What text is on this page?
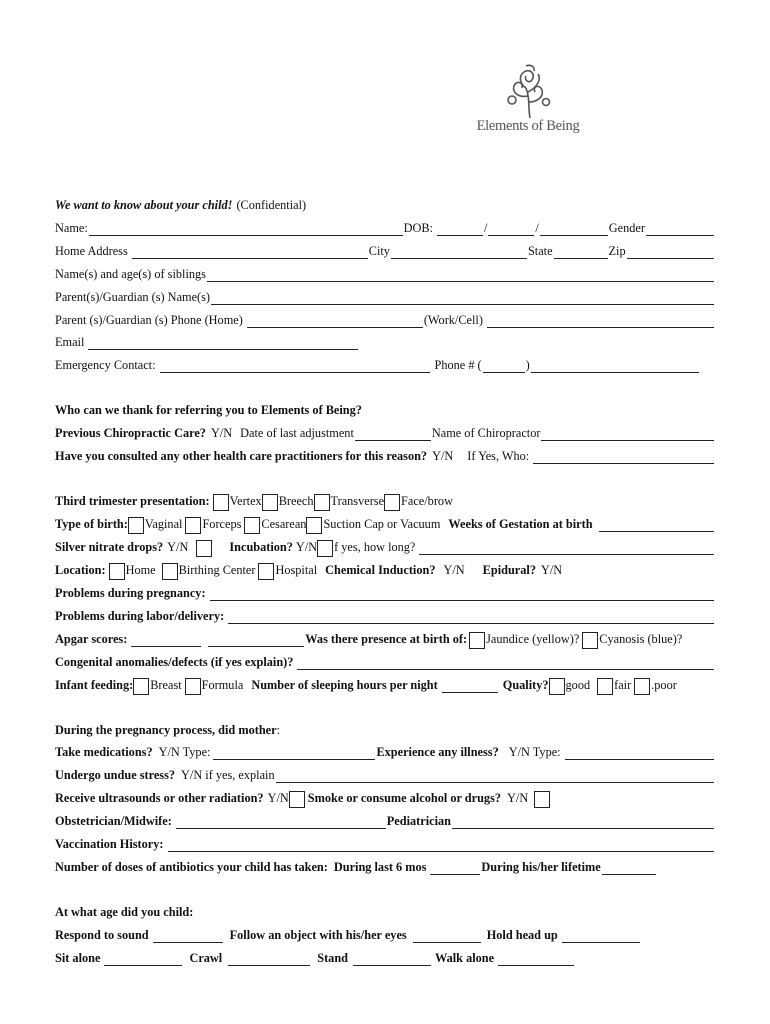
Elements of Being
We want to know about your child! (Confidential)
Name:	DOB:	/	/	Gender
Home Address	City	State	Zip
Name(s) and age(s) of siblings
Parent(s)/Guardian (s) Name(s)
Parent (s)/Guardian (s) Phone (Home)	(Work/Cell)
Email
Emergency Contact:	Phone # (	)
Who can we thank for referring you to Elements of Being?
Previous Chiropractic Care? Y/N Date of last adjustment	Name of Chiropractor
Have you consulted any other health care practitioners for this reason? Y/N If Yes, Who:
Third trimester presentation: Vertex Breech Transverse Face/brow
Type of birth: Vaginal Forceps Cesarean Suction Cap or Vacuum Weeks of Gestation at birth
Silver nitrate drops? Y/N	Incubation? Y/N f yes, how long?
Location: Home Birthing Center Hospital Chemical Induction? Y/N Epidural? Y/N
Problems during pregnancy:
Problems during labor/delivery:
Apgar scores:	Was there presence at birth of: Jaundice (yellow)? Cyanosis (blue)?
Congenital anomalies/defects (if yes explain)?
Infant feeding: Breast Formula Number of sleeping hours per night	Quality? good fair .poor
During the pregnancy process, did mother :
Take medications? Y/N Type:	Experience any illness? Y/N Type:
Undergo undue stress? Y/N if yes, explain
Receive ultrasounds or other radiation? Y/N Smoke or consume alcohol or drugs? Y/N
Obstetrician/Midwife:	Pediatrician
Vaccination History:
Number of doses of antibiotics your child has taken: During last 6 mos	During his/her lifetime
At what age did you child:
Respond to sound	Follow an object with his/her eyes	Hold head up
Sit alone	Crawl	Stand	Walk alone
